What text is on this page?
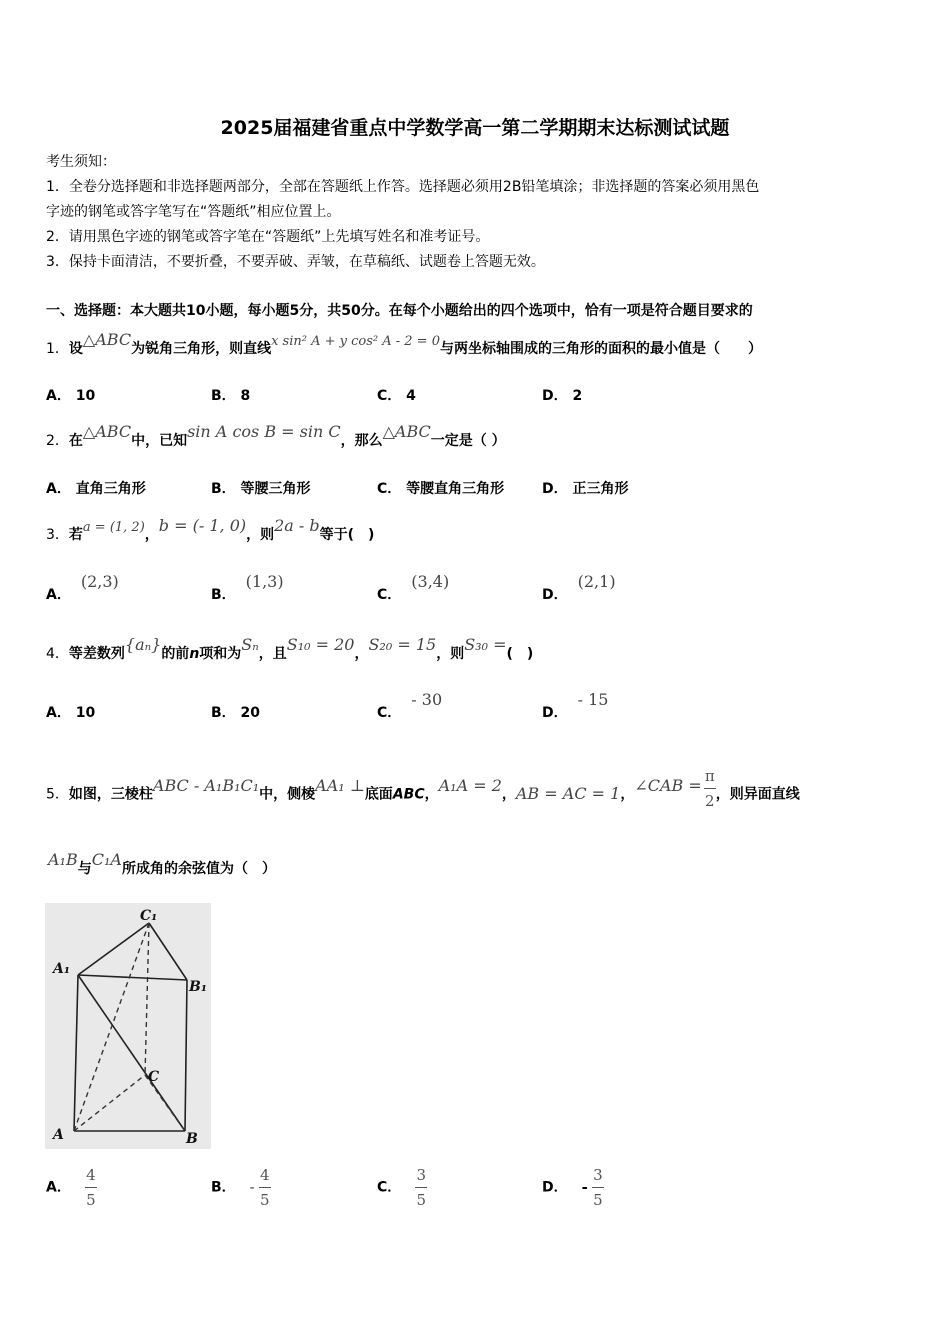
2025届福建省重点中学数学高一第二学期期末达标测试试题
考生须知：
1．全卷分选择题和非选择题两部分，全部在答题纸上作答。选择题必须用2B铅笔填涂；非选择题的答案必须用黑色
字迹的钢笔或答字笔写在“答题纸”相应位置上。
2．请用黑色字迹的钢笔或答字笔在“答题纸”上先填写姓名和准考证号。
3．保持卡面清洁，不要折叠，不要弄破、弄皱，在草稿纸、试题卷上答题无效。
一、选择题：本大题共10小题，每小题5分，共50分。在每个小题给出的四个选项中，恰有一项是符合题目要求的
1．设△ABC为锐角三角形，则直线x sin² A + y cos² A - 2 = 0与两坐标轴围成的三角形的面积的最小值是（　　）
A． 10	B． 8	C． 4	D． 2
2．在△ABC中，已知sin A cos B = sin C，那么△ABC一定是（ ）
A． 直角三角形	B． 等腰三角形	C． 等腰直角三角形	D． 正三角形
3．若a = (1, 2)，b = (- 1, 0)，则2a - b等于(　)
A．(2,3)
B．(1,3)
C．(3,4)
D．(2,1)
4．等差数列{aₙ}的前n项和为Sₙ，且S₁₀ = 20，S₂₀ = 15，则S₃₀ =(　)
A． 10	B． 20	C．- 30
D．- 15
5．如图，三棱柱ABC - A₁B₁C₁中，侧棱AA₁ ⊥底面ABC，A₁A = 2，AB = AC = 1，∠CAB = $\frac{\pi}{2}$ ，则异面直线
A₁B与C₁A所成角的余弦值为（　）
C₁
A₁
B₁
C
A	B
A． $\frac{4}{5}$	B． - $\frac{4}{5}$	C． $\frac{3}{5}$	D． - $\frac{3}{5}$
